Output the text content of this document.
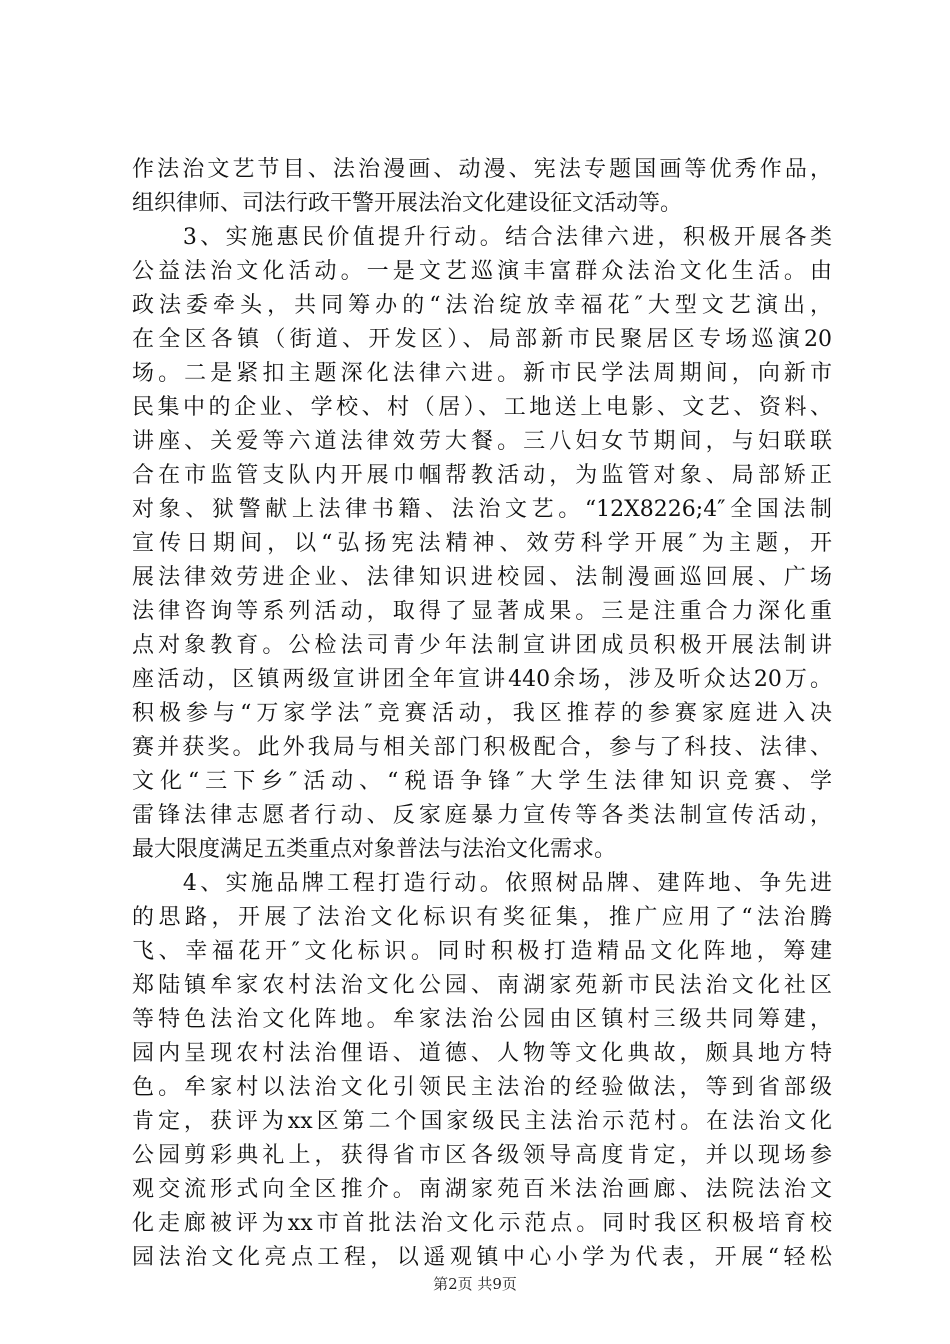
作法治文艺节目、法治漫画、动漫、宪法专题国画等优秀作品，
组织律师、司法行政干警开展法治文化建设征文活动等。
　　3、实施惠民价值提升行动。结合法律六进，积极开展各类
公益法治文化活动。一是文艺巡演丰富群众法治文化生活。由
政法委牵头，共同筹办的“法治绽放幸福花″大型文艺演出，
在全区各镇（街道、开发区）、局部新市民聚居区专场巡演20
场。二是紧扣主题深化法律六进。新市民学法周期间，向新市
民集中的企业、学校、村（居）、工地送上电影、文艺、资料、
讲座、关爱等六道法律效劳大餐。三八妇女节期间，与妇联联
合在市监管支队内开展巾帼帮教活动，为监管对象、局部矫正
对象、狱警献上法律书籍、法治文艺。“12X8226;4″全国法制
宣传日期间，以“弘扬宪法精神、效劳科学开展″为主题，开
展法律效劳进企业、法律知识进校园、法制漫画巡回展、广场
法律咨询等系列活动，取得了显著成果。三是注重合力深化重
点对象教育。公检法司青少年法制宣讲团成员积极开展法制讲
座活动，区镇两级宣讲团全年宣讲440余场，涉及听众达20万。
积极参与“万家学法″竞赛活动，我区推荐的参赛家庭进入决
赛并获奖。此外我局与相关部门积极配合，参与了科技、法律、
文化“三下乡″活动、“税语争锋″大学生法律知识竞赛、学
雷锋法律志愿者行动、反家庭暴力宣传等各类法制宣传活动，
最大限度满足五类重点对象普法与法治文化需求。
　　4、实施品牌工程打造行动。依照树品牌、建阵地、争先进
的思路，开展了法治文化标识有奖征集，推广应用了“法治腾
飞、幸福花开″文化标识。同时积极打造精品文化阵地，筹建
郑陆镇牟家农村法治文化公园、南湖家苑新市民法治文化社区
等特色法治文化阵地。牟家法治公园由区镇村三级共同筹建，
园内呈现农村法治俚语、道德、人物等文化典故，颇具地方特
色。牟家村以法治文化引领民主法治的经验做法，等到省部级
肯定，获评为xx区第二个国家级民主法治示范村。在法治文化
公园剪彩典礼上，获得省市区各级领导高度肯定，并以现场参
观交流形式向全区推介。南湖家苑百米法治画廊、法院法治文
化走廊被评为xx市首批法治文化示范点。同时我区积极培育校
园法治文化亮点工程，以遥观镇中心小学为代表，开展“轻松
第2页 共9页
